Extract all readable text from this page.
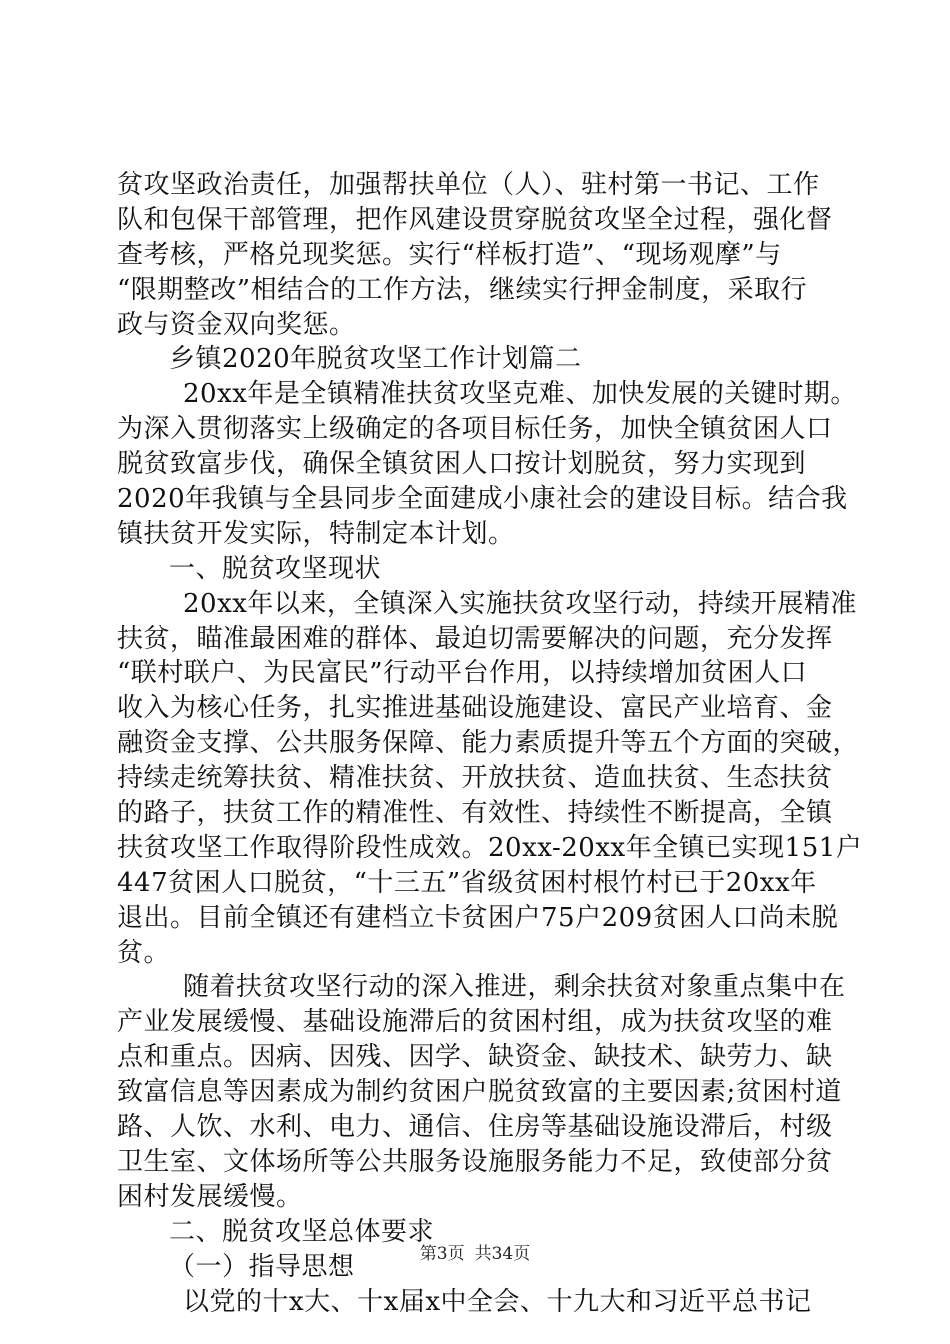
贫攻坚政治责任，加强帮扶单位（人）、驻村第一书记、工作
队和包保干部管理，把作风建设贯穿脱贫攻坚全过程，强化督
查考核，严格兑现奖惩。实行“样板打造”、“现场观摩”与
“限期整改”相结合的工作方法，继续实行押金制度，采取行
政与资金双向奖惩。
乡镇2020年脱贫攻坚工作计划篇二
20xx年是全镇精准扶贫攻坚克难、加快发展的关键时期。
为深入贯彻落实上级确定的各项目标任务，加快全镇贫困人口
脱贫致富步伐，确保全镇贫困人口按计划脱贫，努力实现到
2020年我镇与全县同步全面建成小康社会的建设目标。结合我
镇扶贫开发实际，特制定本计划。
一、脱贫攻坚现状
20xx年以来，全镇深入实施扶贫攻坚行动，持续开展精准
扶贫，瞄准最困难的群体、最迫切需要解决的问题，充分发挥
“联村联户、为民富民”行动平台作用，以持续增加贫困人口
收入为核心任务，扎实推进基础设施建设、富民产业培育、金
融资金支撑、公共服务保障、能力素质提升等五个方面的突破，
持续走统筹扶贫、精准扶贫、开放扶贫、造血扶贫、生态扶贫
的路子，扶贫工作的精准性、有效性、持续性不断提高，全镇
扶贫攻坚工作取得阶段性成效。20xx-20xx年全镇已实现151户
447贫困人口脱贫，“十三五”省级贫困村根竹村已于20xx年
退出。目前全镇还有建档立卡贫困户75户209贫困人口尚未脱
贫。
随着扶贫攻坚行动的深入推进，剩余扶贫对象重点集中在
产业发展缓慢、基础设施滞后的贫困村组，成为扶贫攻坚的难
点和重点。因病、因残、因学、缺资金、缺技术、缺劳力、缺
致富信息等因素成为制约贫困户脱贫致富的主要因素;贫困村道
路、人饮、水利、电力、通信、住房等基础设施设滞后，村级
卫生室、文体场所等公共服务设施服务能力不足，致使部分贫
困村发展缓慢。
二、脱贫攻坚总体要求
（一）指导思想
以党的十x大、十x届x中全会、十九大和习近平总书记
第3页 共34页
